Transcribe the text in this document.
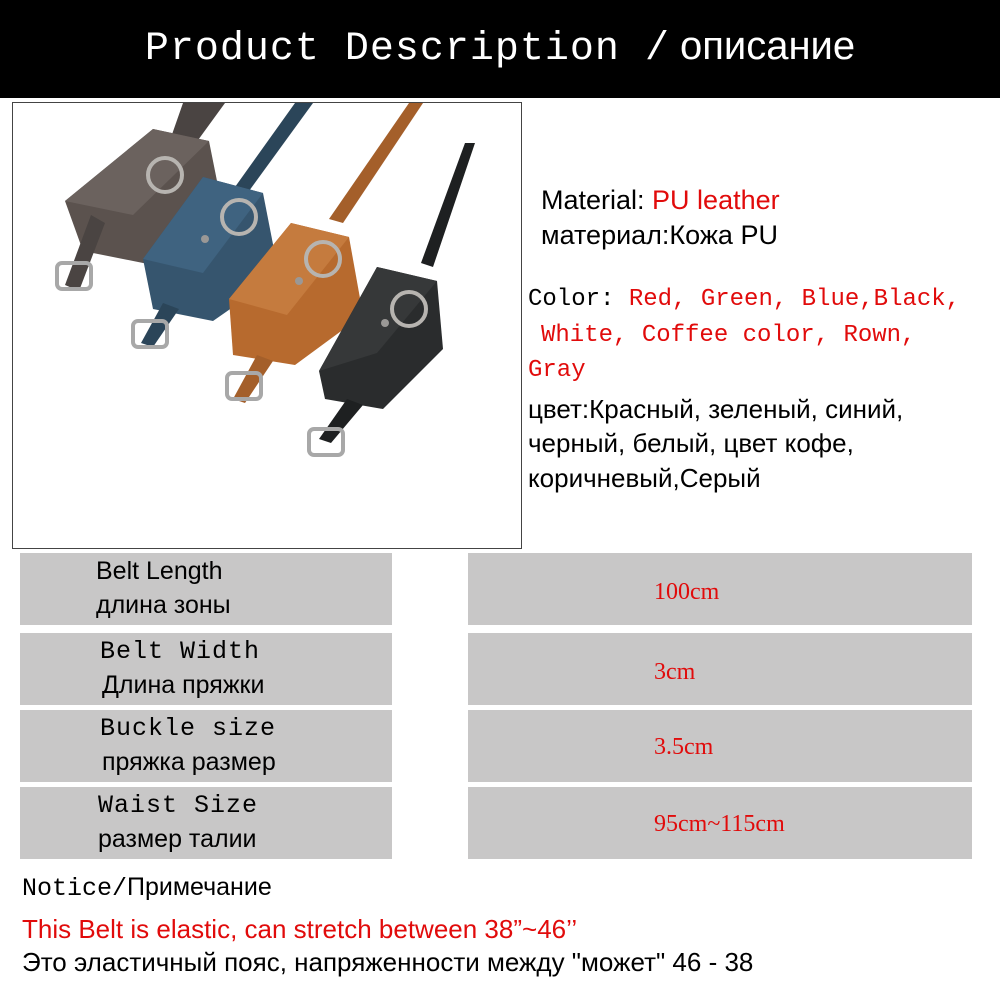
Product Description / описание
Material: PU leather
материал:Кожа PU
Color: Red, Green, Blue,Black,
White, Coffee color, Rown,
Gray
цвет:Красный, зеленый, синий,
черный, белый, цвет кофе,
коричневый,Серый
Belt Length
длина зоны	100cm
Belt Width
Длина пряжки	3cm
Buckle size
пряжка размер
3.5cm
Waist Size
размер талии
95cm~115cm
Notice/Примечание
This Belt is elastic, can stretch between 38”~46’’
Это эластичный пояс, напряженности между "может" 46 - 38
